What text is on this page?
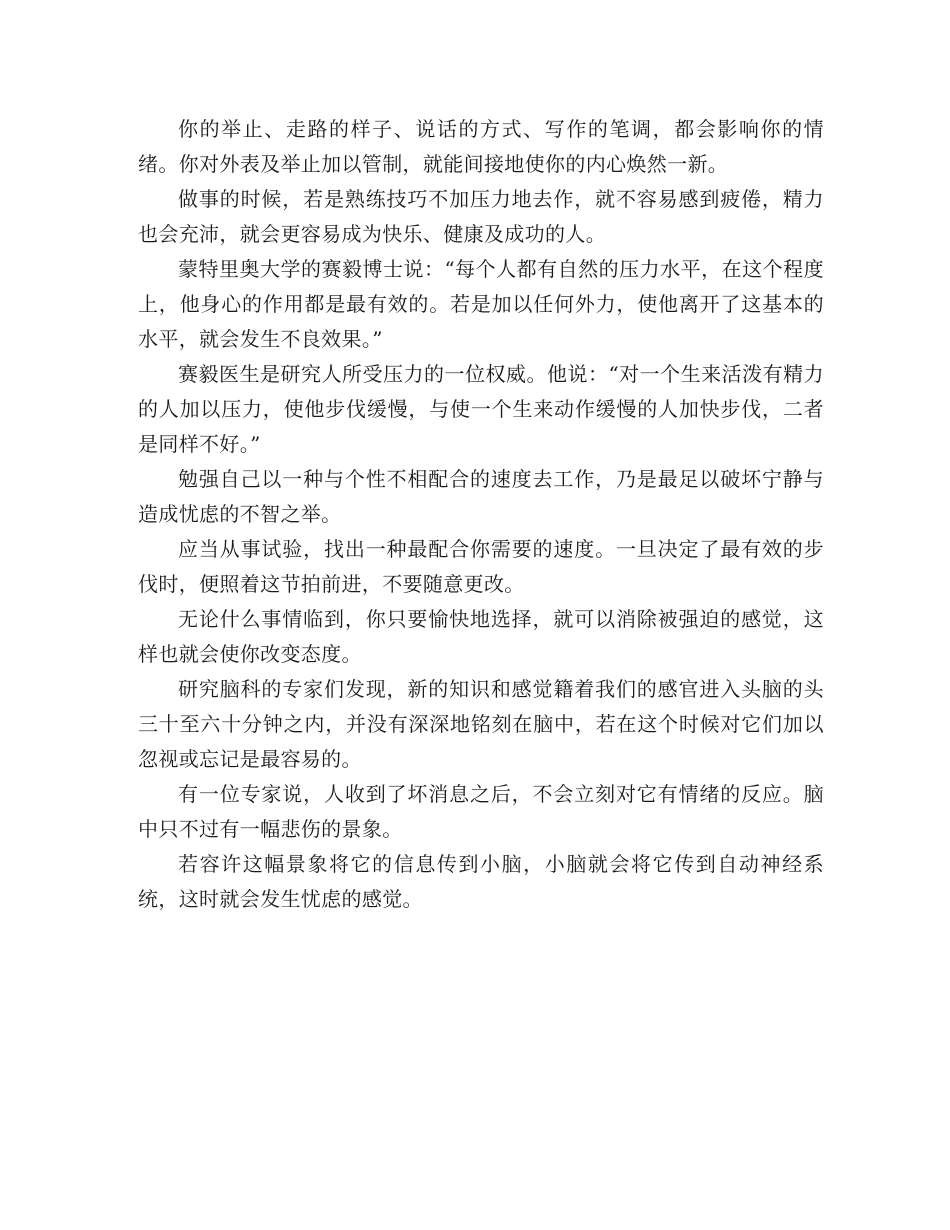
你的举止、走路的样子、说话的方式、写作的笔调，都会影响你的情绪。你对外表及举止加以管制，就能间接地使你的内心焕然一新。

做事的时候，若是熟练技巧不加压力地去作，就不容易感到疲倦，精力也会充沛，就会更容易成为快乐、健康及成功的人。

蒙特里奥大学的赛毅博士说：“每个人都有自然的压力水平，在这个程度上，他身心的作用都是最有效的。若是加以任何外力，使他离开了这基本的水平，就会发生不良效果。”

赛毅医生是研究人所受压力的一位权威。他说：“对一个生来活泼有精力的人加以压力，使他步伐缓慢，与使一个生来动作缓慢的人加快步伐，二者是同样不好。”

勉强自己以一种与个性不相配合的速度去工作，乃是最足以破坏宁静与造成忧虑的不智之举。

应当从事试验，找出一种最配合你需要的速度。一旦决定了最有效的步伐时，便照着这节拍前进，不要随意更改。

无论什么事情临到，你只要愉快地选择，就可以消除被强迫的感觉，这样也就会使你改变态度。

研究脑科的专家们发现，新的知识和感觉籍着我们的感官进入头脑的头三十至六十分钟之内，并没有深深地铭刻在脑中，若在这个时候对它们加以忽视或忘记是最容易的。

有一位专家说，人收到了坏消息之后，不会立刻对它有情绪的反应。脑中只不过有一幅悲伤的景象。

若容许这幅景象将它的信息传到小脑，小脑就会将它传到自动神经系统，这时就会发生忧虑的感觉。
